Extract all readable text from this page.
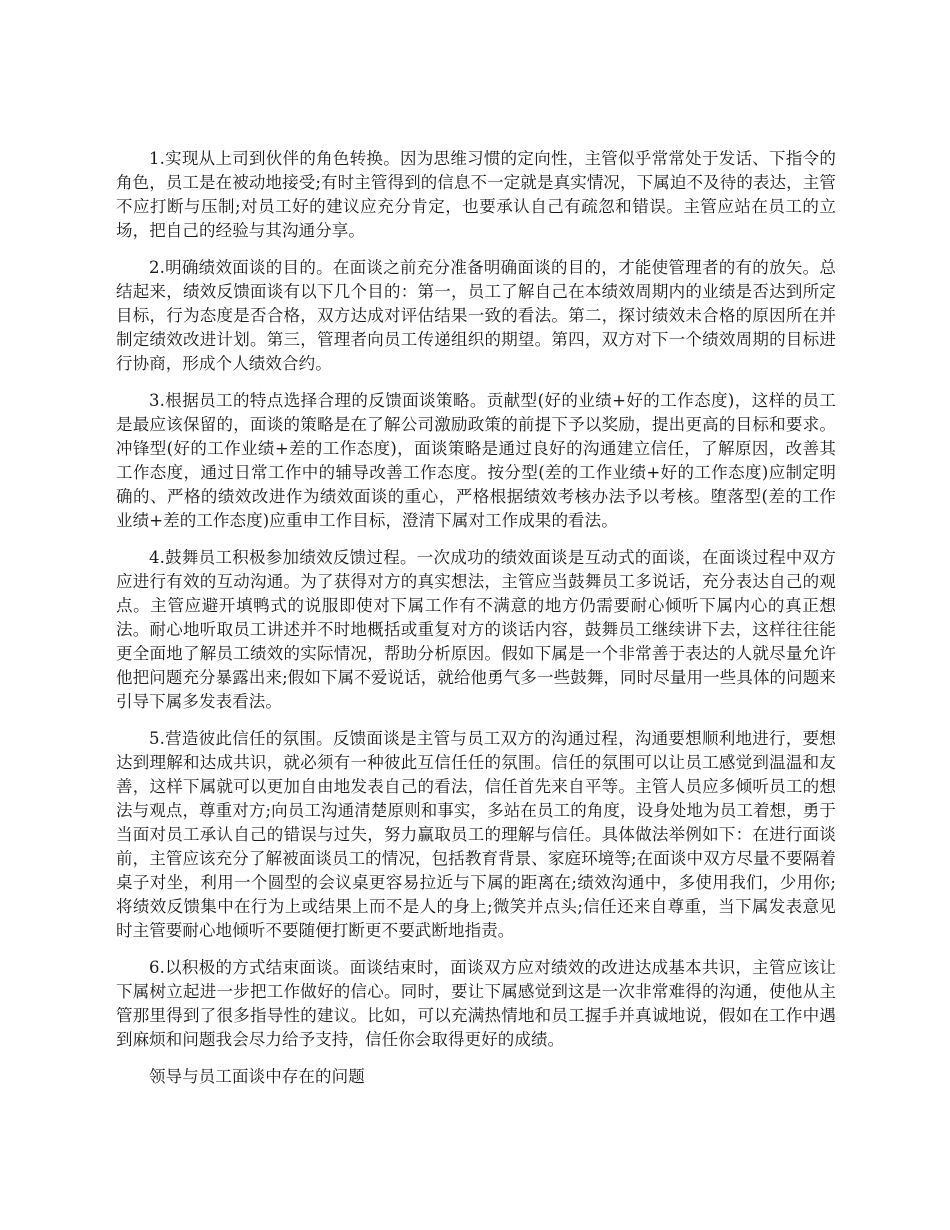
1.实现从上司到伙伴的角色转换。因为思维习惯的定向性，主管似乎常常处于发话、下指令的角色，员工是在被动地接受;有时主管得到的信息不一定就是真实情况，下属迫不及待的表达，主管不应打断与压制;对员工好的建议应充分肯定，也要承认自己有疏忽和错误。主管应站在员工的立场，把自己的经验与其沟通分享。

2.明确绩效面谈的目的。在面谈之前充分准备明确面谈的目的，才能使管理者的有的放矢。总结起来，绩效反馈面谈有以下几个目的：第一，员工了解自己在本绩效周期内的业绩是否达到所定目标，行为态度是否合格，双方达成对评估结果一致的看法。第二，探讨绩效未合格的原因所在并制定绩效改进计划。第三，管理者向员工传递组织的期望。第四，双方对下一个绩效周期的目标进行协商，形成个人绩效合约。

3.根据员工的特点选择合理的反馈面谈策略。贡献型(好的业绩+好的工作态度)，这样的员工是最应该保留的，面谈的策略是在了解公司激励政策的前提下予以奖励，提出更高的目标和要求。冲锋型(好的工作业绩+差的工作态度)，面谈策略是通过良好的沟通建立信任，了解原因，改善其工作态度，通过日常工作中的辅导改善工作态度。按分型(差的工作业绩+好的工作态度)应制定明确的、严格的绩效改进作为绩效面谈的重心，严格根据绩效考核办法予以考核。堕落型(差的工作业绩+差的工作态度)应重申工作目标，澄清下属对工作成果的看法。

4.鼓舞员工积极参加绩效反馈过程。一次成功的绩效面谈是互动式的面谈，在面谈过程中双方应进行有效的互动沟通。为了获得对方的真实想法，主管应当鼓舞员工多说话，充分表达自己的观点。主管应避开填鸭式的说服即使对下属工作有不满意的地方仍需要耐心倾听下属内心的真正想法。耐心地听取员工讲述并不时地概括或重复对方的谈话内容，鼓舞员工继续讲下去，这样往往能更全面地了解员工绩效的实际情况，帮助分析原因。假如下属是一个非常善于表达的人就尽量允许他把问题充分暴露出来;假如下属不爱说话，就给他勇气多一些鼓舞，同时尽量用一些具体的问题来引导下属多发表看法。

5.营造彼此信任的氛围。反馈面谈是主管与员工双方的沟通过程，沟通要想顺利地进行，要想达到理解和达成共识，就必须有一种彼此互信任任的氛围。信任的氛围可以让员工感觉到温温和友善，这样下属就可以更加自由地发表自己的看法，信任首先来自平等。主管人员应多倾听员工的想法与观点，尊重对方;向员工沟通清楚原则和事实，多站在员工的角度，设身处地为员工着想，勇于当面对员工承认自己的错误与过失，努力赢取员工的理解与信任。具体做法举例如下：在进行面谈前，主管应该充分了解被面谈员工的情况，包括教育背景、家庭环境等;在面谈中双方尽量不要隔着桌子对坐，利用一个圆型的会议桌更容易拉近与下属的距离在;绩效沟通中，多使用我们，少用你;将绩效反馈集中在行为上或结果上而不是人的身上;微笑并点头;信任还来自尊重，当下属发表意见时主管要耐心地倾听不要随便打断更不要武断地指责。

6.以积极的方式结束面谈。面谈结束时，面谈双方应对绩效的改进达成基本共识，主管应该让下属树立起进一步把工作做好的信心。同时，要让下属感觉到这是一次非常难得的沟通，使他从主管那里得到了很多指导性的建议。比如，可以充满热情地和员工握手并真诚地说，假如在工作中遇到麻烦和问题我会尽力给予支持，信任你会取得更好的成绩。

领导与员工面谈中存在的问题
